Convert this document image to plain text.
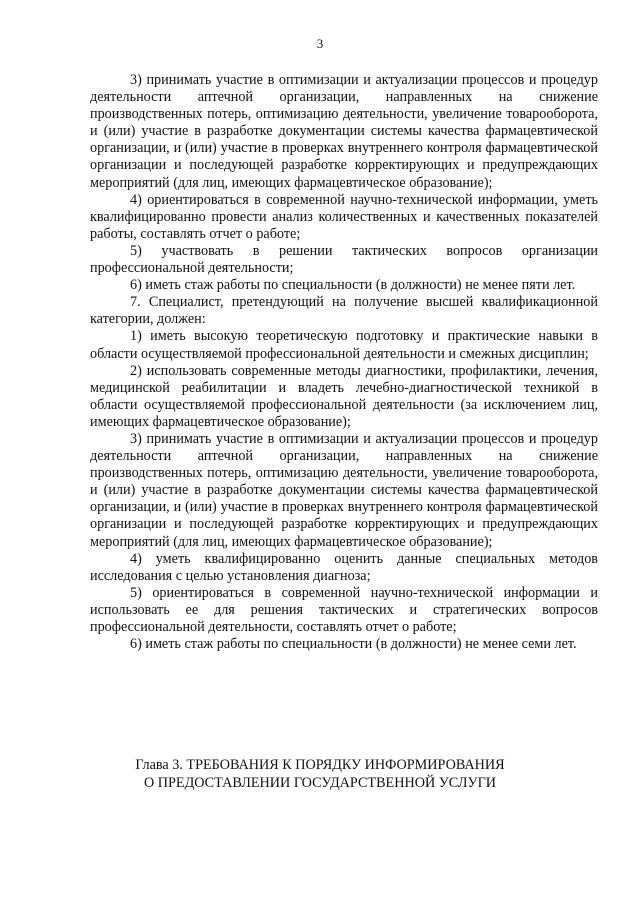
3

3) принимать участие в оптимизации и актуализации процессов и процедур деятельности аптечной организации, направленных на снижение производственных потерь, оптимизацию деятельности, увеличение товарооборота, и (или) участие в разработке документации системы качества фармацевтической организации, и (или) участие в проверках внутреннего контроля фармацевтической организации и последующей разработке корректирующих и предупреждающих мероприятий (для лиц, имеющих фармацевтическое образование);

4) ориентироваться в современной научно-технической информации, уметь квалифицированно провести анализ количественных и качественных показателей работы, составлять отчет о работе;

5) участвовать в решении тактических вопросов организации профессиональной деятельности;

6) иметь стаж работы по специальности (в должности) не менее пяти лет.

7. Специалист, претендующий на получение высшей квалификационной категории, должен:

1) иметь высокую теоретическую подготовку и практические навыки в области осуществляемой профессиональной деятельности и смежных дисциплин;

2) использовать современные методы диагностики, профилактики, лечения, медицинской реабилитации и владеть лечебно-диагностической техникой в области осуществляемой профессиональной деятельности (за исключением лиц, имеющих фармацевтическое образование);

3) принимать участие в оптимизации и актуализации процессов и процедур деятельности аптечной организации, направленных на снижение производственных потерь, оптимизацию деятельности, увеличение товарооборота, и (или) участие в разработке документации системы качества фармацевтической организации, и (или) участие в проверках внутреннего контроля фармацевтической организации и последующей разработке корректирующих и предупреждающих мероприятий (для лиц, имеющих фармацевтическое образование);

4) уметь квалифицированно оценить данные специальных методов исследования с целью установления диагноза;

5) ориентироваться в современной научно-технической информации и использовать ее для решения тактических и стратегических вопросов профессиональной деятельности, составлять отчет о работе;

6) иметь стаж работы по специальности (в должности) не менее семи лет.

Глава 3. ТРЕБОВАНИЯ К ПОРЯДКУ ИНФОРМИРОВАНИЯ
О ПРЕДОСТАВЛЕНИИ ГОСУДАРСТВЕННОЙ УСЛУГИ
